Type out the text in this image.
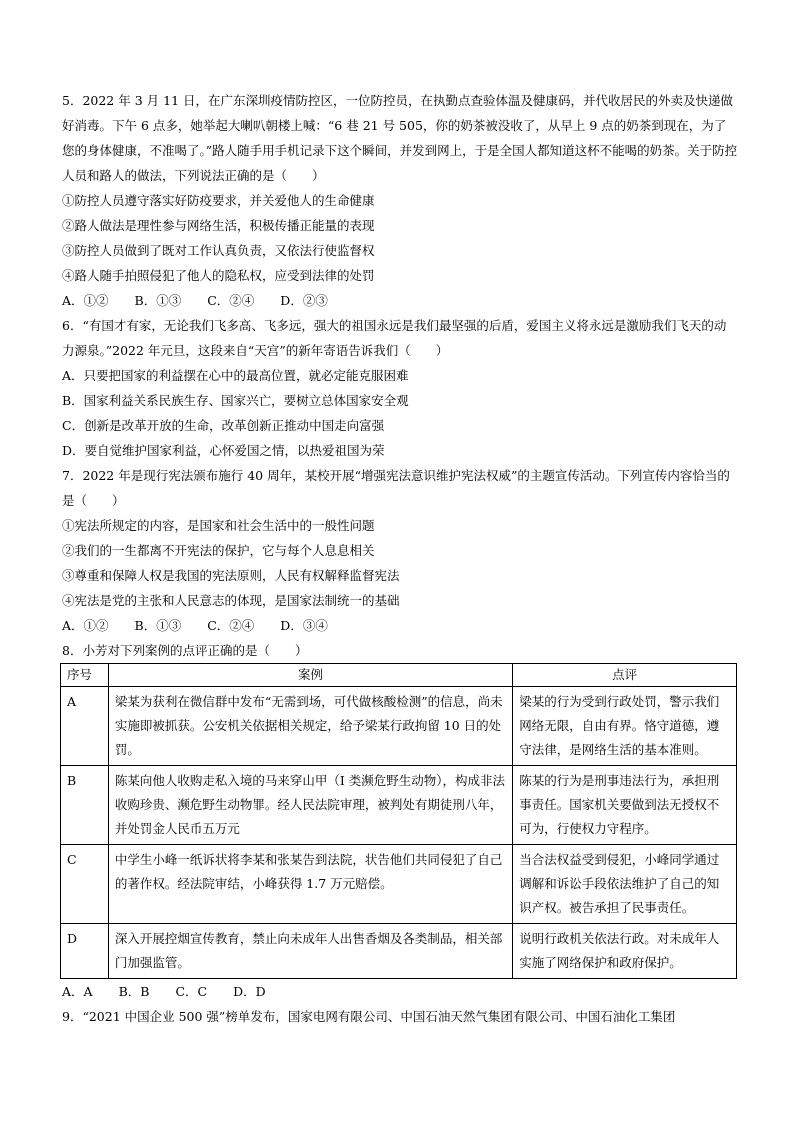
5．2022 年 3 月 11 日，在广东深圳疫情防控区，一位防控员，在执勤点查验体温及健康码，并代收居民的外卖及快递做好消毒。下午 6 点多，她举起大喇叭朝楼上喊：“6 巷 21 号 505，你的奶茶被没收了，从早上 9 点的奶茶到现在，为了您的身体健康，不准喝了。”路人随手用手机记录下这个瞬间，并发到网上，于是全国人都知道这杯不能喝的奶茶。关于防控人员和路人的做法，下列说法正确的是（　　）

①防控人员遵守落实好防疫要求，并关爱他人的生命健康

②路人做法是理性参与网络生活，积极传播正能量的表现

③防控人员做到了既对工作认真负责，又依法行使监督权

④路人随手拍照侵犯了他人的隐私权，应受到法律的处罚

A．①② B．①③ C．②④ D．②③

6．“有国才有家，无论我们飞多高、飞多远，强大的祖国永远是我们最坚强的后盾，爱国主义将永远是激励我们飞天的动力源泉。”2022 年元旦，这段来自“天宫”的新年寄语告诉我们（　　）

A．只要把国家的利益摆在心中的最高位置，就必定能克服困难

B．国家利益关系民族生存、国家兴亡，要树立总体国家安全观

C．创新是改革开放的生命，改革创新正推动中国走向富强

D．要自觉维护国家利益，心怀爱国之情，以热爱祖国为荣

7．2022 年是现行宪法颁布施行 40 周年，某校开展“增强宪法意识维护宪法权威”的主题宣传活动。下列宣传内容恰当的是（　　）

①宪法所规定的内容，是国家和社会生活中的一般性问题

②我们的一生都离不开宪法的保护，它与每个人息息相关

③尊重和保障人权是我国的宪法原则，人民有权解释监督宪法

④宪法是党的主张和人民意志的体现，是国家法制统一的基础

A．①② B．①③ C．②④ D．③④

8．小芳对下列案例的点评正确的是（　　）

序号	案例	点评
A	梁某为获利在微信群中发布“无需到场，可代做核酸检测”的信息，尚未实施即被抓获。公安机关依据相关规定，给予梁某行政拘留 10 日的处罚。	梁某的行为受到行政处罚，警示我们网络无限，自由有界。恪守道德，遵守法律，是网络生活的基本准则。
B	陈某向他人收购走私入境的马来穿山甲（I 类濒危野生动物），构成非法收购珍贵、濒危野生动物罪。经人民法院审理，被判处有期徒刑八年，并处罚金人民币五万元	陈某的行为是刑事违法行为，承担刑事责任。国家机关要做到法无授权不可为，行使权力守程序。
C	中学生小峰一纸诉状将李某和张某告到法院，状告他们共同侵犯了自己的著作权。经法院审结，小峰获得 1.7 万元赔偿。	当合法权益受到侵犯，小峰同学通过调解和诉讼手段依法维护了自己的知识产权。被告承担了民事责任。
D	深入开展控烟宣传教育，禁止向未成年人出售香烟及各类制品，相关部门加强监管。	说明行政机关依法行政。对未成年人实施了网络保护和政府保护。

A．A B．B C．C D．D

9．“2021 中国企业 500 强”榜单发布，国家电网有限公司、中国石油天然气集团有限公司、中国石油化工集团
